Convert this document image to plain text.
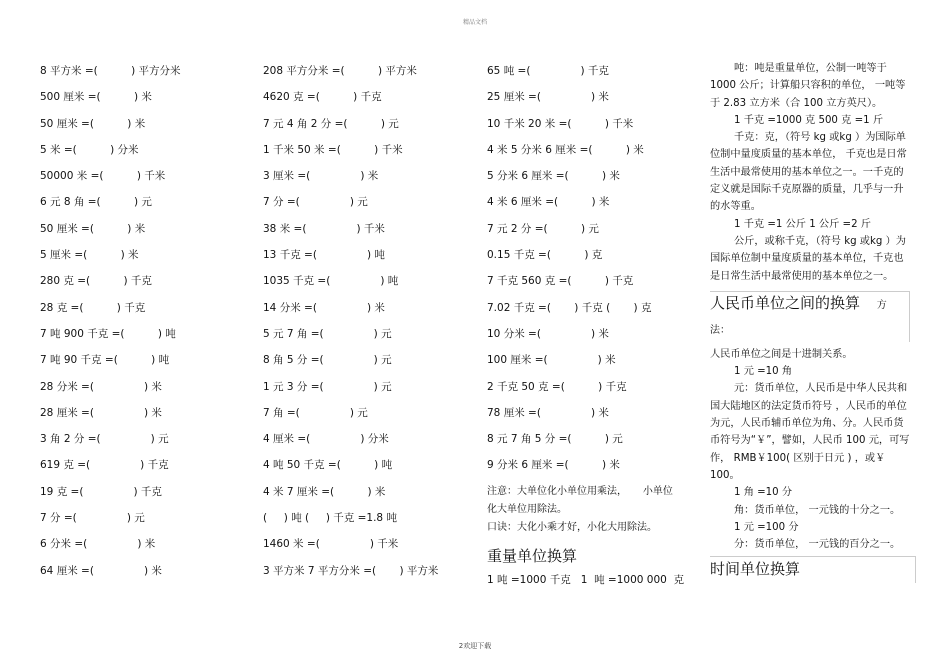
精品文档
8 平方米 =(          ) 平方分米
500 厘米 =(          ) 米
50 厘米 =(          ) 米
5 米 =(          ) 分米
50000 米 =(          ) 千米
6 元 8 角 =(          ) 元
50 厘米 =(          ) 米
5 厘米 =(          ) 米
280 克 =(          ) 千克
28 克 =(          ) 千克
7 吨 900 千克 =(          ) 吨
7 吨 90 千克 =(          ) 吨
28 分米 =(               ) 米
28 厘米 =(               ) 米
3 角 2 分 =(               ) 元
619 克 =(               ) 千克
19 克 =(               ) 千克
7 分 =(               ) 元
6 分米 =(               ) 米
64 厘米 =(               ) 米
208 平方分米 =(          ) 平方米
4620 克 =(          ) 千克
7 元 4 角 2 分 =(          ) 元
1 千米 50 米 =(          ) 千米
3 厘米 =(               ) 米
7 分 =(               ) 元
38 米 =(               ) 千米
13 千克 =(               ) 吨
1035 千克 =(               ) 吨
14 分米 =(               ) 米
5 元 7 角 =(               ) 元
8 角 5 分 =(               ) 元
1 元 3 分 =(               ) 元
7 角 =(               ) 元
4 厘米 =(               ) 分米
4 吨 50 千克 =(          ) 吨
4 米 7 厘米 =(          ) 米
(     ) 吨 (     ) 千克 =1.8 吨
1460 米 =(               ) 千米
3 平方米 7 平方分米 =(       ) 平方米
65 吨 =(               ) 千克
25 厘米 =(               ) 米
10 千米 20 米 =(          ) 千米
4 米 5 分米 6 厘米 =(          ) 米
5 分米 6 厘米 =(          ) 米
4 米 6 厘米 =(          ) 米
7 元 2 分 =(          ) 元
0.15 千克 =(          ) 克
7 千克 560 克 =(          ) 千克
7.02 千克 =(       ) 千克 (       ) 克
10 分米 =(               ) 米
100 厘米 =(               ) 米
2 千克 50 克 =(          ) 千克
78 厘米 =(               ) 米
8 元 7 角 5 分 =(          ) 元
9 分米 6 厘米 =(          ) 米
注意：大单位化小单位用乘法，     小单位
化大单位用除法。
口诀：大化小乘才好，小化大用除法。
重量单位换算
1 吨 =1000 千克   1  吨 =1000 000  克

吨：吨是重量单位，公制一吨等于 1000 公斤；计算船只容积的单位， 一吨等于 2.83 立方米（合 100 立方英尺）。

1 千克 =1000 克 500 克 =1 斤

千克：克，（符号 kg 或kg ）为国际单位制中量度质量的基本单位， 千克也是日常生活中最常使用的基本单位之一。一千克的定义就是国际千克原器的质量，几乎与一升的水等重。

1 千克 =1 公斤 1 公斤 =2 斤

公斤，或称千克，（符号 kg 或kg ）为国际单位制中量度质量的基本单位，千克也是日常生活中最常使用的基本单位之一。

人民币单位之间的换算 方法：

人民币单位之间是十进制关系。

1 元 =10 角

元：货币单位，人民币是中华人民共和国大陆地区的法定货币符号 ，人民币的单位为元，人民币辅币单位为角、分。人民币货币符号为“￥”，譬如，人民币 100 元，可写作， RMB￥100( 区别于日元 ) ，或￥ 100。

1 角 =10 分

角：货币单位， 一元钱的十分之一。

1 元 =100 分

分：货币单位， 一元钱的百分之一。

时间单位换算
2欢迎下载
